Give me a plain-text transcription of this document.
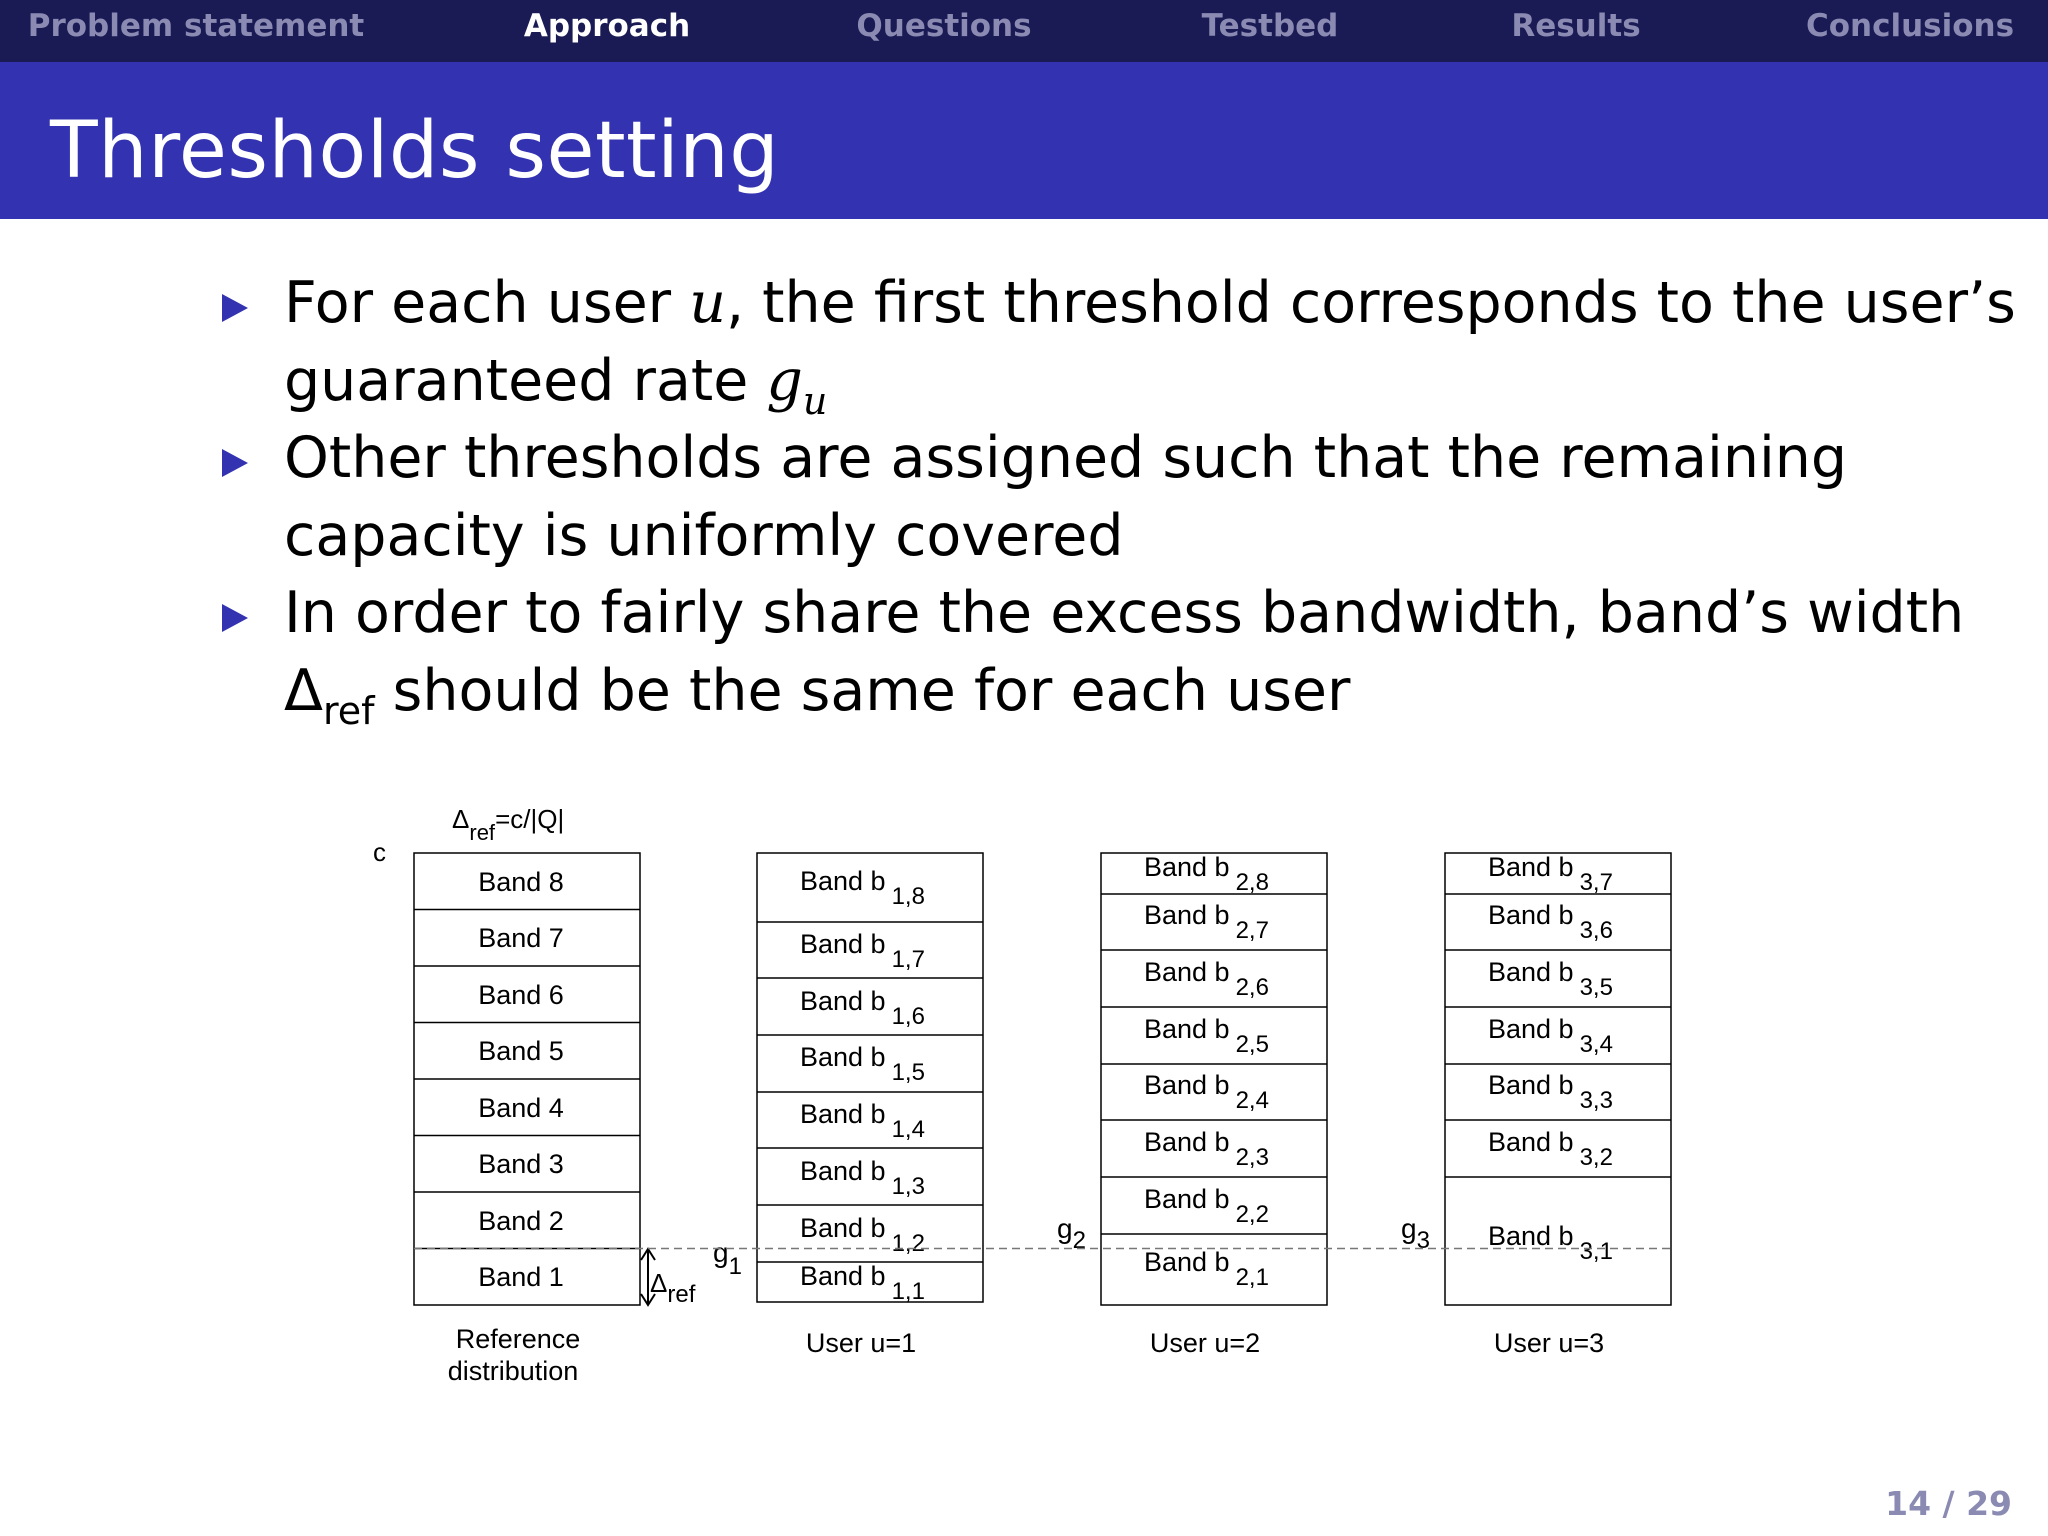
Problem statement	Approach	Questions	Testbed	Results	Conclusions
Thresholds setting
For each user u, the first threshold corresponds to the user’s
guaranteed rate $g_u$
Other thresholds are assigned such that the remaining
capacity is uniformly covered
In order to fairly share the excess bandwidth, band’s width
$\Delta_{ref}$ should be the same for each user
$\Delta_{ref}=c/|Q|$
c
Band 8
Band 7
Band 6
Band 5
Band 4
Band 3
Band 2
Band 1
Reference
distribution
Δref
Band b1,8
Band b1,7
Band b1,6
Band b1,5
Band b1,4
Band b1,3
Band b1,2
Band b1,1
User u=1
g1
Band b2,8
Band b2,7
Band b2,6
Band b2,5
Band b2,4
Band b2,3
Band b2,2
Band b2,1
User u=2
g2
Band b3,7
Band b3,6
Band b3,5
Band b3,4
Band b3,3
Band b3,2
Band b3,1
User u=3
g3
14 / 29
